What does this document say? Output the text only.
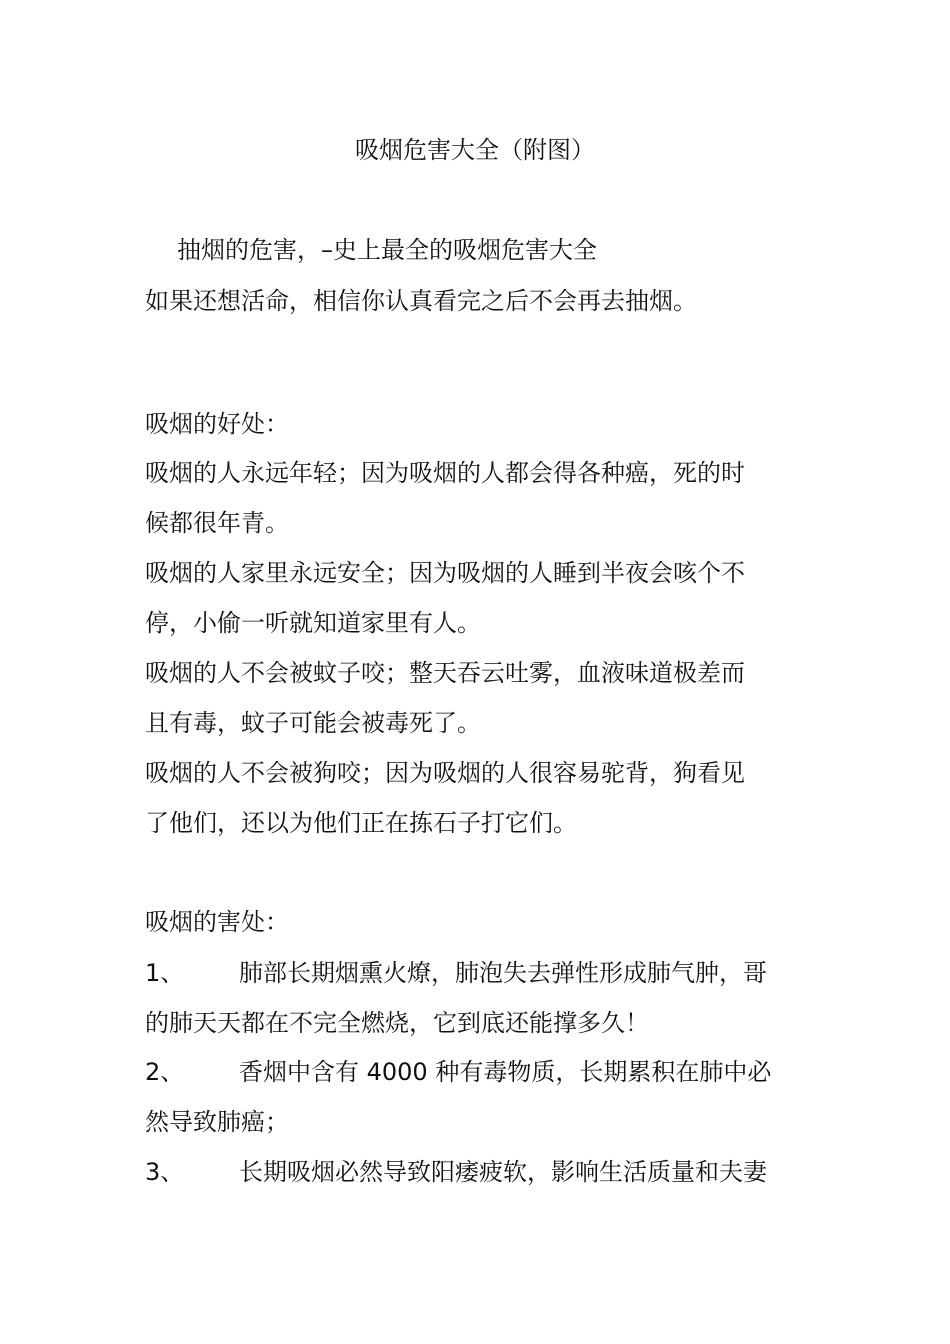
吸烟危害大全（附图）

抽烟的危害，–史上最全的吸烟危害大全

如果还想活命，相信你认真看完之后不会再去抽烟。

吸烟的好处：

吸烟的人永远年轻；因为吸烟的人都会得各种癌，死的时

候都很年青。

吸烟的人家里永远安全；因为吸烟的人睡到半夜会咳个不

停，小偷一听就知道家里有人。

吸烟的人不会被蚊子咬；整天吞云吐雾，血液味道极差而

且有毒，蚊子可能会被毒死了。

吸烟的人不会被狗咬；因为吸烟的人很容易驼背，狗看见

了他们，还以为他们正在拣石子打它们。

吸烟的害处：

1、 肺部长期烟熏火燎，肺泡失去弹性形成肺气肿，哥

的肺天天都在不完全燃烧，它到底还能撑多久！

2、 香烟中含有 4000 种有毒物质，长期累积在肺中必

然导致肺癌；

3、 长期吸烟必然导致阳痿疲软，影响生活质量和夫妻
